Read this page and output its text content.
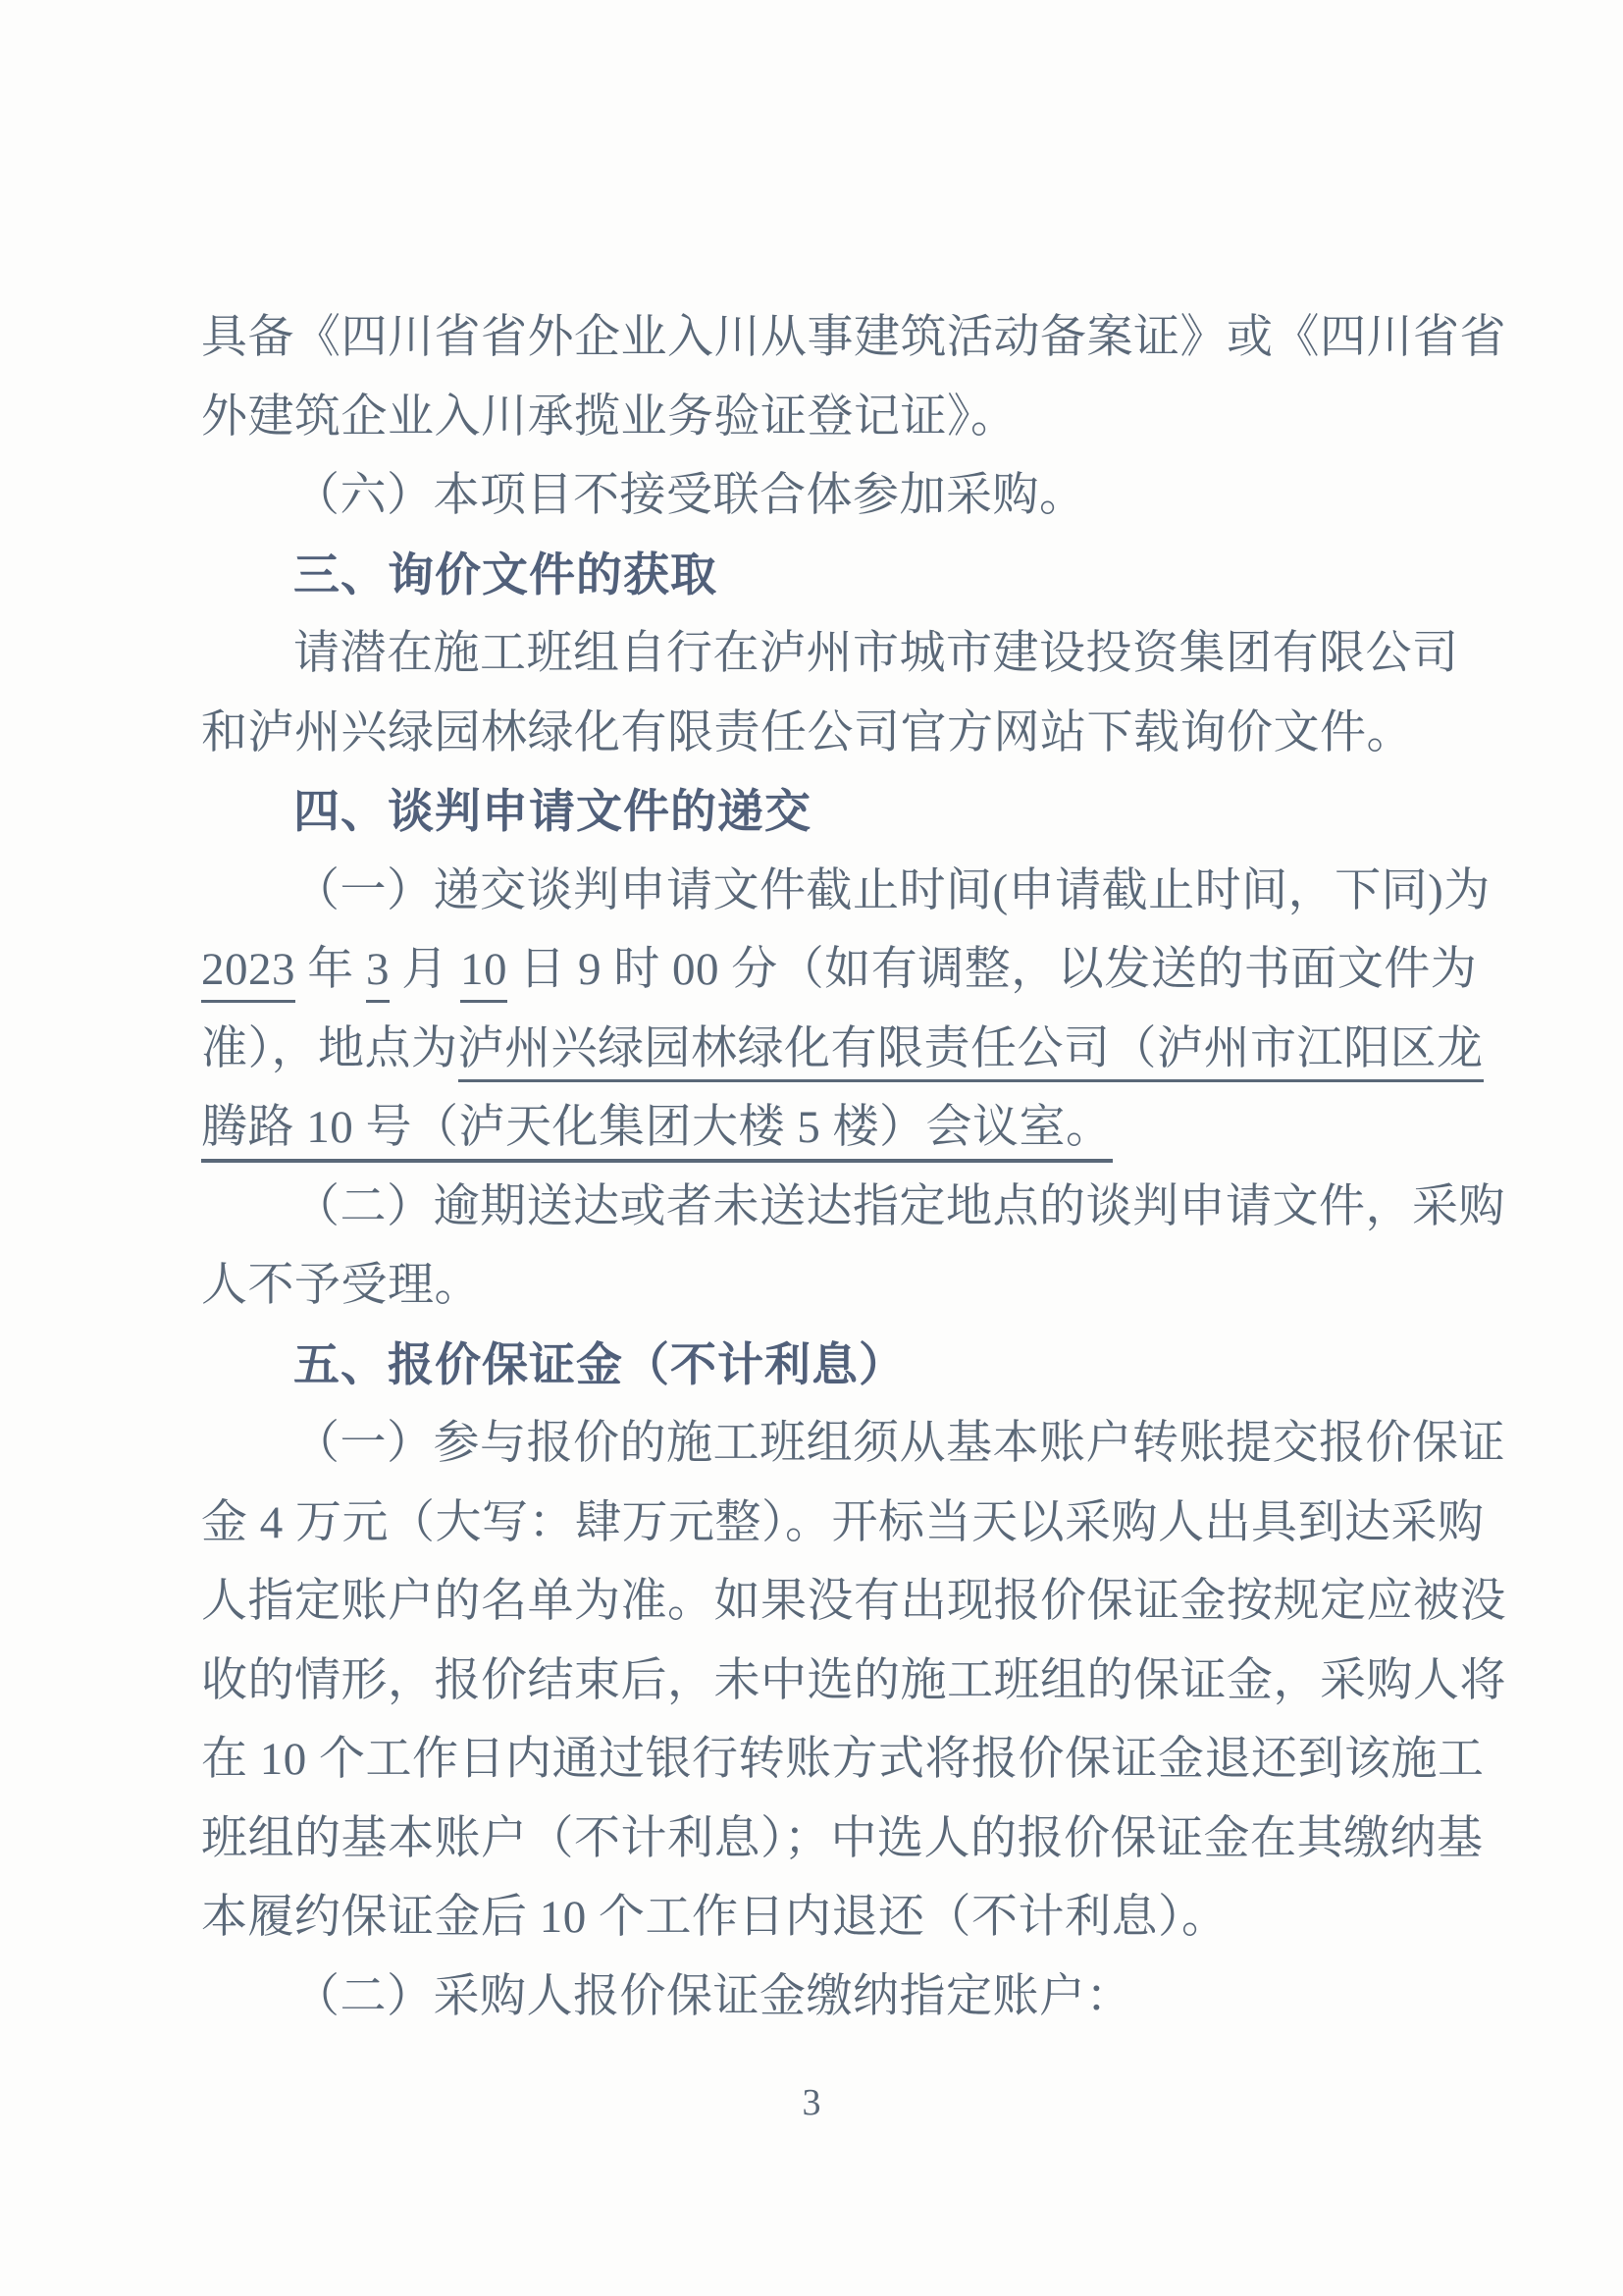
具备《四川省省外企业入川从事建筑活动备案证》或《四川省省
外建筑企业入川承揽业务验证登记证》。
（六）本项目不接受联合体参加采购。
三、询价文件的获取
请潜在施工班组自行在泸州市城市建设投资集团有限公司
和泸州兴绿园林绿化有限责任公司官方网站下载询价文件。
四、谈判申请文件的递交
（一）递交谈判申请文件截止时间(申请截止时间，下同)为
2023 年 3 月 10 日 9 时 00 分（如有调整，以发送的书面文件为
准），地点为泸州兴绿园林绿化有限责任公司（泸州市江阳区龙
腾路 10 号（泸天化集团大楼 5 楼）会议室。
（二）逾期送达或者未送达指定地点的谈判申请文件，采购
人不予受理。
五、报价保证金（不计利息）
（一）参与报价的施工班组须从基本账户转账提交报价保证
金 4 万元（大写：肆万元整）。开标当天以采购人出具到达采购
人指定账户的名单为准。如果没有出现报价保证金按规定应被没
收的情形，报价结束后，未中选的施工班组的保证金，采购人将
在 10 个工作日内通过银行转账方式将报价保证金退还到该施工
班组的基本账户（不计利息）；中选人的报价保证金在其缴纳基
本履约保证金后 10 个工作日内退还（不计利息）。
（二）采购人报价保证金缴纳指定账户：
3
